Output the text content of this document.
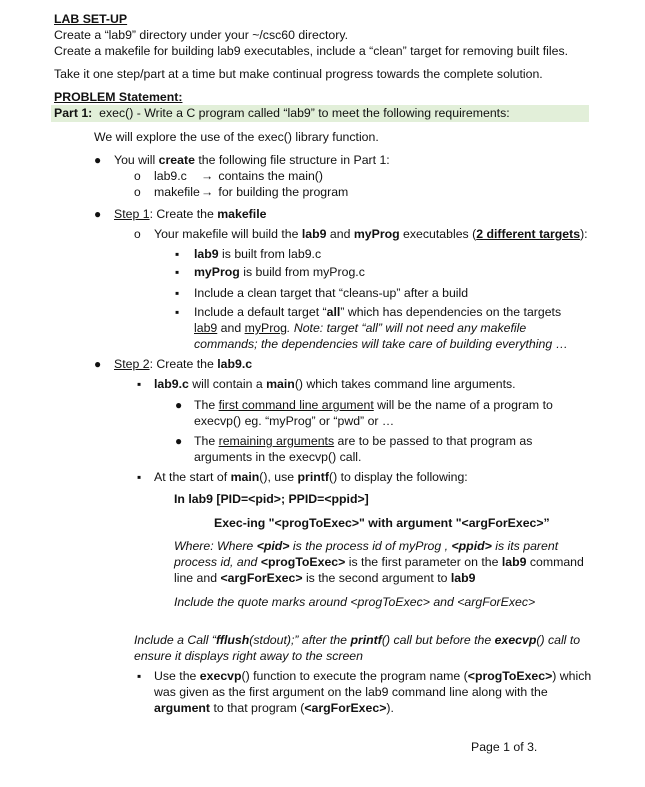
LAB SET-UP
Create a “lab9” directory under your ~/csc60 directory.
Create a makefile for building lab9 executables, include a “clean” target for removing built files.
Take it one step/part at a time but make continual progress towards the complete solution.
PROBLEM Statement:
Part 1: exec() - Write a C program called “lab9” to meet the following requirements:
We will explore the use of the exec() library function.
● You will create the following file structure in Part 1:
o lab9.c → contains the main()
o makefile→ for building the program
● Step 1: Create the makefile
o Your makefile will build the lab9 and myProg executables (2 different targets):
▪ lab9 is built from lab9.c
▪ myProg is build from myProg.c
▪ Include a clean target that “cleans-up” after a build
▪ Include a default target “all” which has dependencies on the targets
lab9 and myProg. Note: target “all” will not need any makefile
commands; the dependencies will take care of building everything …
● Step 2: Create the lab9.c
▪ lab9.c will contain a main() which takes command line arguments.
● The first command line argument will be the name of a program to
execvp() eg. “myProg” or “pwd” or …
● The remaining arguments are to be passed to that program as
arguments in the execvp() call.
▪ At the start of main(), use printf() to display the following:
In lab9 [PID=<pid>; PPID=<ppid>]
Exec-ing "<progToExec>" with argument "<argForExec>”
Where: Where <pid> is the process id of myProg , <ppid> is its parent
process id, and <progToExec> is the first parameter on the lab9 command
line and <argForExec> is the second argument to lab9
Include the quote marks around <progToExec> and <argForExec>
Include a Call “fflush(stdout);” after the printf() call but before the execvp() call to
ensure it displays right away to the screen
▪ Use the execvp() function to execute the program name (<progToExec>) which
was given as the first argument on the lab9 command line along with the
argument to that program (<argForExec>).
Page 1 of 3.
